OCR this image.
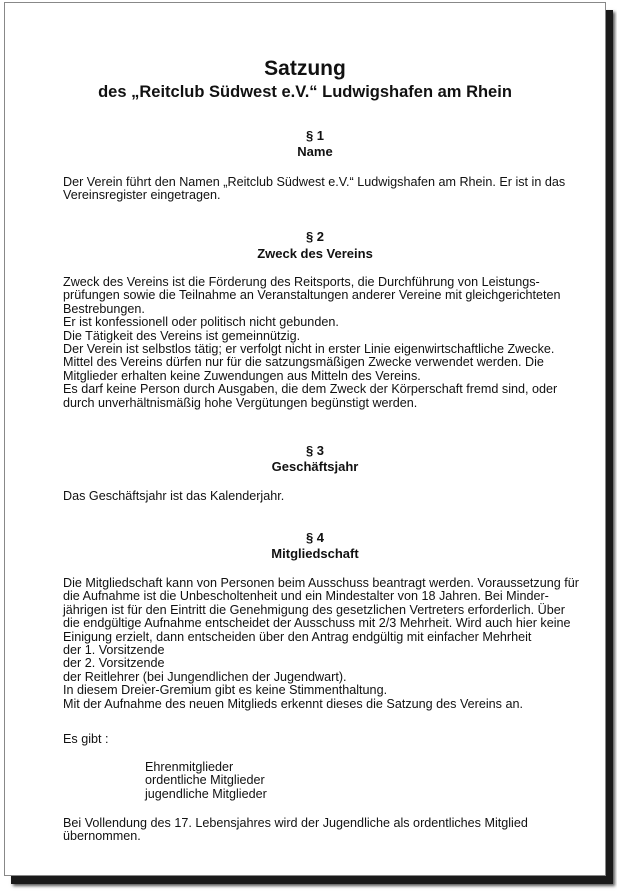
Satzung
des „Reitclub Südwest e.V.“ Ludwigshafen am Rhein
§ 1
Name
Der Verein führt den Namen „Reitclub Südwest e.V.“ Ludwigshafen am Rhein. Er ist in das
Vereinsregister eingetragen.
§ 2
Zweck des Vereins
Zweck des Vereins ist die Förderung des Reitsports, die Durchführung von Leistungs-
prüfungen sowie die Teilnahme an Veranstaltungen anderer Vereine mit gleichgerichteten
Bestrebungen.
Er ist konfessionell oder politisch nicht gebunden.
Die Tätigkeit des Vereins ist gemeinnützig.
Der Verein ist selbstlos tätig; er verfolgt nicht in erster Linie eigenwirtschaftliche Zwecke.
Mittel des Vereins dürfen nur für die satzungsmäßigen Zwecke verwendet werden. Die
Mitglieder erhalten keine Zuwendungen aus Mitteln des Vereins.
Es darf keine Person durch Ausgaben, die dem Zweck der Körperschaft fremd sind, oder
durch unverhältnismäßig hohe Vergütungen begünstigt werden.
§ 3
Geschäftsjahr
Das Geschäftsjahr ist das Kalenderjahr.
§ 4
Mitgliedschaft
Die Mitgliedschaft kann von Personen beim Ausschuss beantragt werden. Voraussetzung für
die Aufnahme ist die Unbescholtenheit und ein Mindestalter von 18 Jahren. Bei Minder-
jährigen ist für den Eintritt die Genehmigung des gesetzlichen Vertreters erforderlich. Über
die endgültige Aufnahme entscheidet der Ausschuss mit 2/3 Mehrheit. Wird auch hier keine
Einigung erzielt, dann entscheiden über den Antrag endgültig mit einfacher Mehrheit
der 1. Vorsitzende
der 2. Vorsitzende
der Reitlehrer (bei Jungendlichen der Jugendwart).
In diesem Dreier-Gremium gibt es keine Stimmenthaltung.
Mit der Aufnahme des neuen Mitglieds erkennt dieses die Satzung des Vereins an.
Es gibt :
Ehrenmitglieder
ordentliche Mitglieder
jugendliche Mitglieder
Bei Vollendung des 17. Lebensjahres wird der Jugendliche als ordentliches Mitglied
übernommen.
